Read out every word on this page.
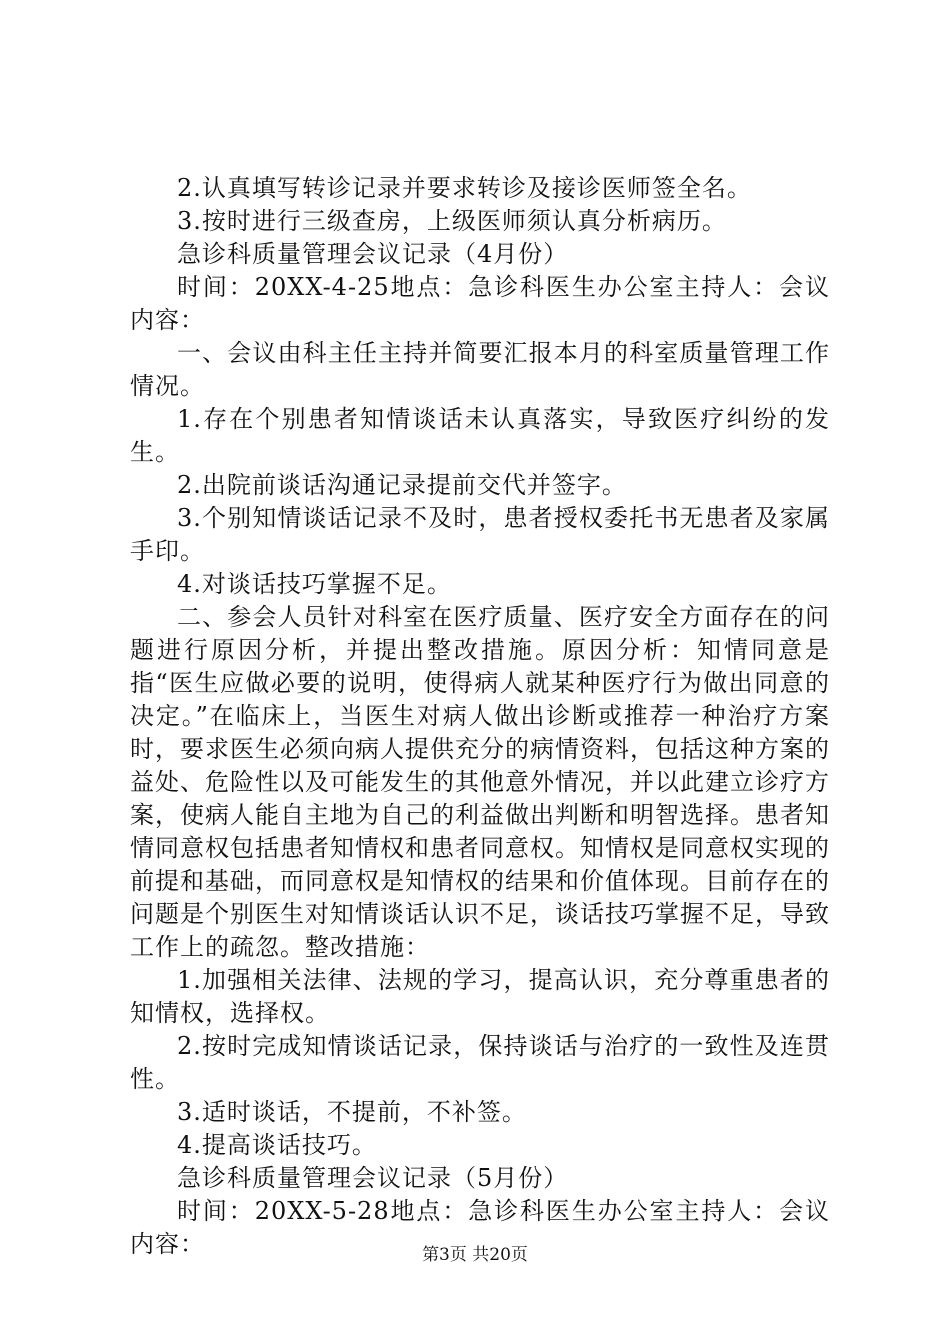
2.认真填写转诊记录并要求转诊及接诊医师签全名。

3.按时进行三级查房，上级医师须认真分析病历。

急诊科质量管理会议记录（4月份）

时间：20XX-4-25地点：急诊科医生办公室主持人：会议内容：

一、会议由科主任主持并简要汇报本月的科室质量管理工作情况。

1.存在个别患者知情谈话未认真落实，导致医疗纠纷的发生。

2.出院前谈话沟通记录提前交代并签字。

3.个别知情谈话记录不及时，患者授权委托书无患者及家属手印。

4.对谈话技巧掌握不足。

二、参会人员针对科室在医疗质量、医疗安全方面存在的问题进行原因分析，并提出整改措施。原因分析：知情同意是指“医生应做必要的说明，使得病人就某种医疗行为做出同意的决定。”在临床上，当医生对病人做出诊断或推荐一种治疗方案时，要求医生必须向病人提供充分的病情资料，包括这种方案的益处、危险性以及可能发生的其他意外情况，并以此建立诊疗方案，使病人能自主地为自己的利益做出判断和明智选择。患者知情同意权包括患者知情权和患者同意权。知情权是同意权实现的前提和基础，而同意权是知情权的结果和价值体现。目前存在的问题是个别医生对知情谈话认识不足，谈话技巧掌握不足，导致工作上的疏忽。整改措施：

1.加强相关法律、法规的学习，提高认识，充分尊重患者的知情权，选择权。

2.按时完成知情谈话记录，保持谈话与治疗的一致性及连贯性。

3.适时谈话，不提前，不补签。

4.提高谈话技巧。

急诊科质量管理会议记录（5月份）

时间：20XX-5-28地点：急诊科医生办公室主持人：会议内容：	第3页 共20页
